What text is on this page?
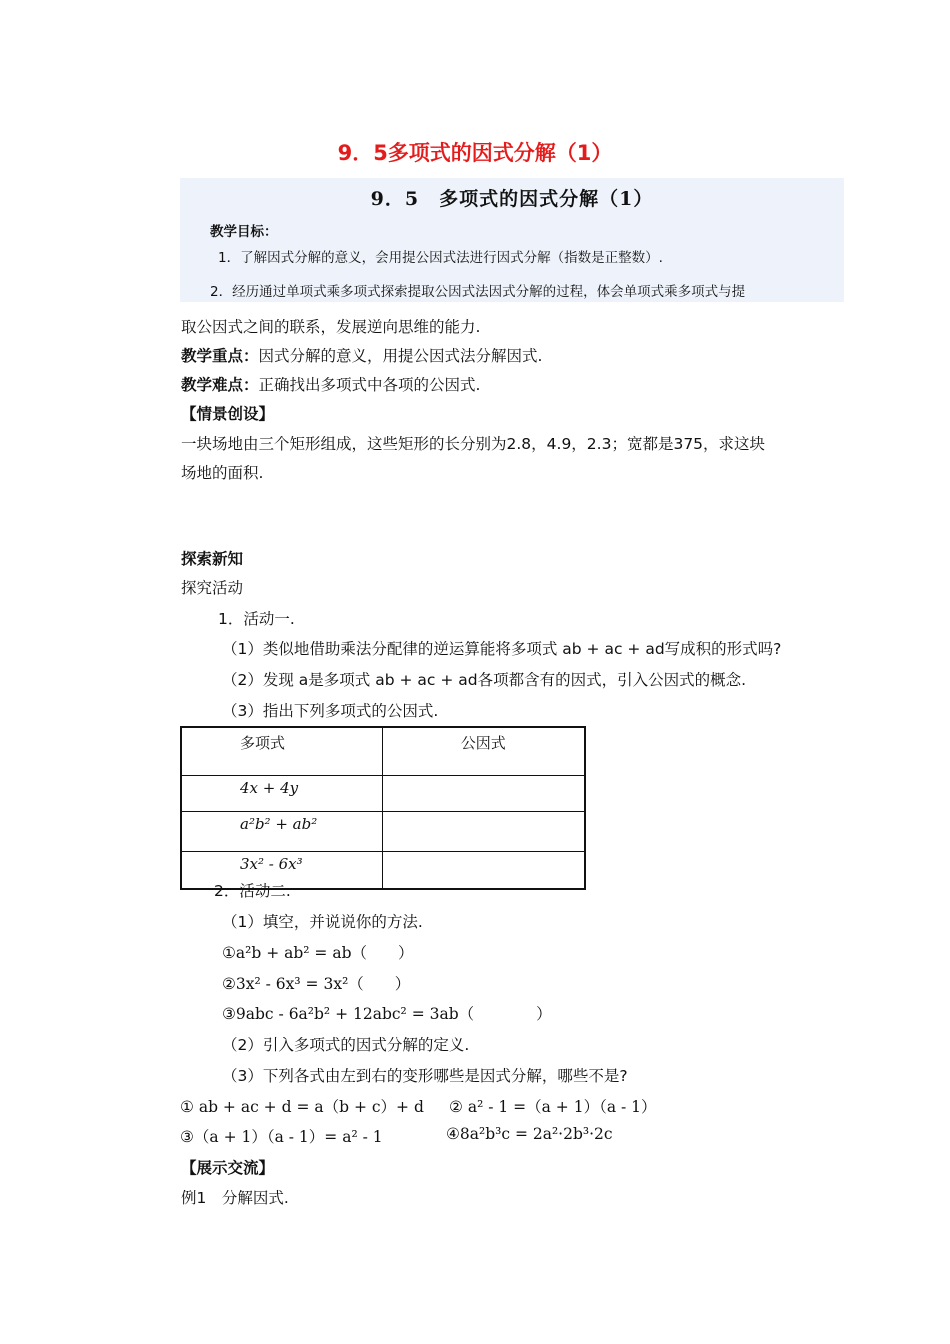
9．5多项式的因式分解（1）
9．5　多项式的因式分解（1）
教学目标：
1．了解因式分解的意义，会用提公因式法进行因式分解（指数是正整数）.
2．经历通过单项式乘多项式探索提取公因式法因式分解的过程，体会单项式乘多项式与提
取公因式之间的联系，发展逆向思维的能力.
教学重点：因式分解的意义，用提公因式法分解因式.
教学难点：正确找出多项式中各项的公因式.
【情景创设】
一块场地由三个矩形组成，这些矩形的长分别为2.8，4.9，2.3；宽都是375，求这块
场地的面积.
探索新知
探究活动
1．活动一.
（1）类似地借助乘法分配律的逆运算能将多项式 ab + ac + ad写成积的形式吗?
（2）发现 a是多项式 ab + ac + ad各项都含有的因式，引入公因式的概念.
（3）指出下列多项式的公因式.
多项式	公因式
4x + 4y	
a²b² + ab²	
3x² - 6x³	
2．活动二.
（1）填空，并说说你的方法.
①a²b + ab² = ab（　　）
②3x² - 6x³ = 3x²（　　）
③9abc - 6a²b² + 12abc² = 3ab（　　　　）
（2）引入多项式的因式分解的定义.
（3）下列各式由左到右的变形哪些是因式分解，哪些不是?
① ab + ac + d = a（b + c）+ d ② a² - 1 =（a + 1）（a - 1）
③（a + 1）（a - 1）= a² - 1	④8a²b³c = 2a²·2b³·2c
【展示交流】
例1　分解因式.
